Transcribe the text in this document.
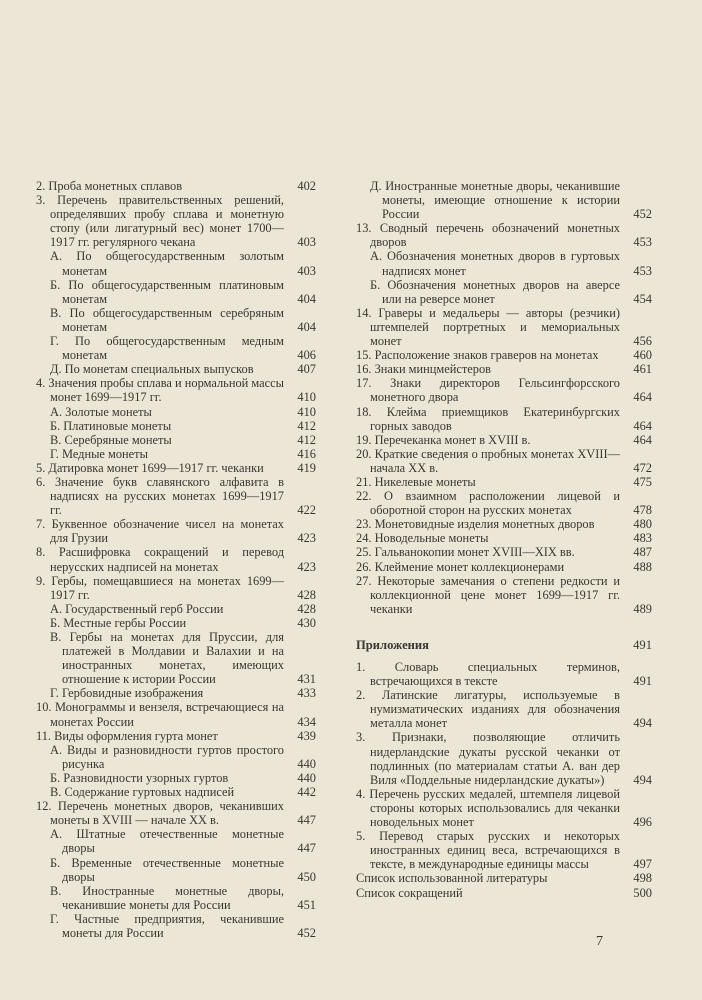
2. Проба монетных сплавов	402
3. Перечень правительственных решений, определявших пробу сплава и монетную стопу (или лигатурный вес) монет 1700—1917 гг. регулярного чекана	403
А. По общегосударственным золотым монетам	403
Б. По общегосударственным платиновым монетам	404
В. По общегосударственным серебряным монетам	404
Г. По общегосударственным медным монетам	406
Д. По монетам специальных выпусков	407
4. Значения пробы сплава и нормальной массы монет 1699—1917 гг.	410
А. Золотые монеты	410
Б. Платиновые монеты	412
В. Серебряные монеты	412
Г. Медные монеты	416
5. Датировка монет 1699—1917 гг. чеканки	419
6. Значение букв славянского алфавита в надписях на русских монетах 1699—1917 гг.	422
7. Буквенное обозначение чисел на монетах для Грузии	423
8. Расшифровка сокращений и перевод нерусских надписей на монетах	423
9. Гербы, помещавшиеся на монетах 1699—1917 гг.	428
А. Государственный герб России	428
Б. Местные гербы России	430
В. Гербы на монетах для Пруссии, для платежей в Молдавии и Валахии и на иностранных монетах, имеющих отношение к истории России	431
Г. Гербовидные изображения	433
10. Монограммы и вензеля, встречающиеся на монетах России	434
11. Виды оформления гурта монет	439
А. Виды и разновидности гуртов простого рисунка	440
Б. Разновидности узорных гуртов	440
В. Содержание гуртовых надписей	442
12. Перечень монетных дворов, чеканивших монеты в XVIII — начале XX в.	447
А. Штатные отечественные монетные дворы	447
Б. Временные отечественные монетные дворы	450
В. Иностранные монетные дворы, чеканившие монеты для России	451
Г. Частные предприятия, чеканившие монеты для России	452
Д. Иностранные монетные дворы, чеканившие монеты, имеющие отношение к истории России	452
13. Сводный перечень обозначений монетных дворов	453
А. Обозначения монетных дворов в гуртовых надписях монет	453
Б. Обозначения монетных дворов на аверсе или на реверсе монет	454
14. Граверы и медальеры — авторы (резчики) штемпелей портретных и мемориальных монет	456
15. Расположение знаков граверов на монетах	460
16. Знаки минцмейстеров	461
17. Знаки директоров Гельсингфорсского монетного двора	464
18. Клейма приемщиков Екатеринбургских горных заводов	464
19. Перечеканка монет в XVIII в.	464
20. Краткие сведения о пробных монетах XVIII—начала XX в.	472
21. Никелевые монеты	475
22. О взаимном расположении лицевой и оборотной сторон на русских монетах	478
23. Монетовидные изделия монетных дворов	480
24. Новодельные монеты	483
25. Гальванокопии монет XVIII—XIX вв.	487
26. Клеймение монет коллекционерами	488
27. Некоторые замечания о степени редкости и коллекционной цене монет 1699—1917 гг. чеканки	489
Приложения	491
1. Словарь специальных терминов, встречающихся в тексте	491
2. Латинские лигатуры, используемые в нумизматических изданиях для обозначения металла монет	494
3. Признаки, позволяющие отличить нидерландские дукаты русской чеканки от подлинных (по материалам статьи А. ван дер Виля «Поддельные нидерландские дукаты»)	494
4. Перечень русских медалей, штемпеля лицевой стороны которых использовались для чеканки новодельных монет	496
5. Перевод старых русских и некоторых иностранных единиц веса, встречающихся в тексте, в международные единицы массы	497
Список использованной литературы	498
Список сокращений	500
7
